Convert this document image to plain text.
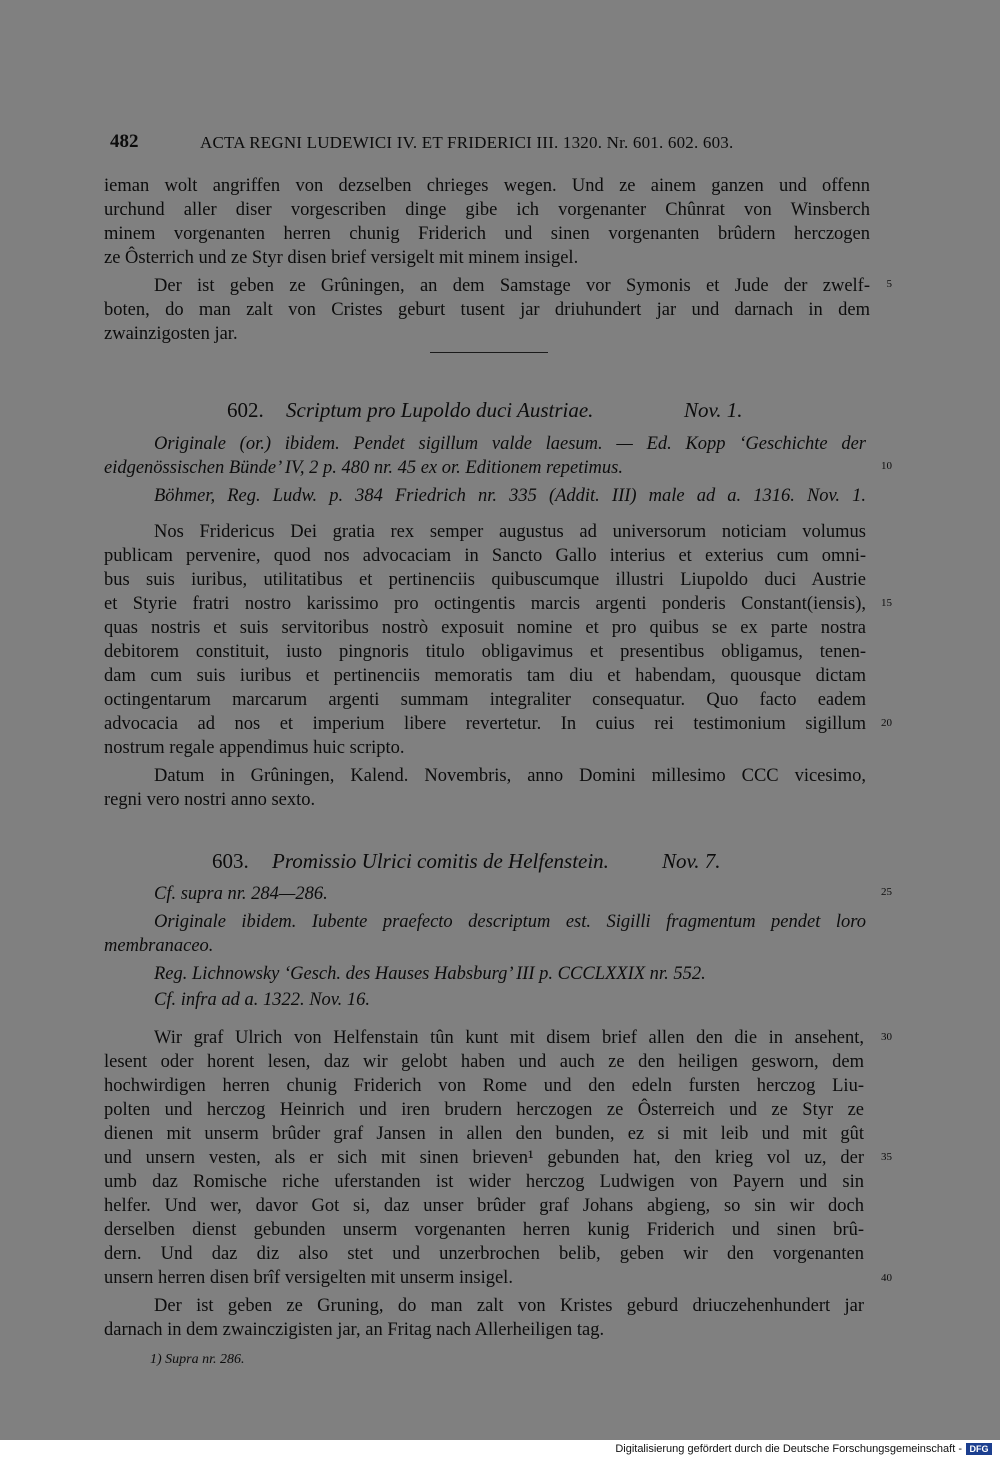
482	ACTA REGNI LUDEWICI IV. ET FRIDERICI III. 1320. Nr. 601. 602. 603.
ieman wolt angriffen von dezselben chrieges wegen. Und ze ainem ganzen und offenn
urchund aller diser vorgescriben dinge gibe ich vorgenanter Chûnrat von Winsberch
minem vorgenanten herren chunig Friderich und sinen vorgenanten brûdern herczogen
ze Ôsterrich und ze Styr disen brief versigelt mit minem insigel.
Der ist geben ze Grûningen, an dem Samstage vor Symonis et Jude der zwelf-
boten, do man zalt von Cristes geburt tusent jar driuhundert jar und darnach in dem
zwainzigosten jar.
602. Scriptum pro Lupoldo duci Austriae.	Nov. 1.
Originale (or.) ibidem. Pendet sigillum valde laesum. — Ed. Kopp ‘Geschichte der
eidgenössischen Bünde’ IV, 2 p. 480 nr. 45 ex or. Editionem repetimus.
Böhmer, Reg. Ludw. p. 384 Friedrich nr. 335 (Addit. III) male ad a. 1316. Nov. 1.
Nos Fridericus Dei gratia rex semper augustus ad universorum noticiam volumus
publicam pervenire, quod nos advocaciam in Sancto Gallo interius et exterius cum omni-
bus suis iuribus, utilitatibus et pertinenciis quibuscumque illustri Liupoldo duci Austrie
et Styrie fratri nostro karissimo pro octingentis marcis argenti ponderis Constant(iensis),
quas nostris et suis servitoribus nostrò exposuit nomine et pro quibus se ex parte nostra
debitorem constituit, iusto pingnoris titulo obligavimus et presentibus obligamus, tenen-
dam cum suis iuribus et pertinenciis memoratis tam diu et habendam, quousque dictam
octingentarum marcarum argenti summam integraliter consequatur. Quo facto eadem
advocacia ad nos et imperium libere revertetur. In cuius rei testimonium sigillum
nostrum regale appendimus huic scripto.
Datum in Grûningen, Kalend. Novembris, anno Domini millesimo CCC vicesimo,
regni vero nostri anno sexto.
603. Promissio Ulrici comitis de Helfenstein.	Nov. 7.
Cf. supra nr. 284—286.
Originale ibidem. Iubente praefecto descriptum est. Sigilli fragmentum pendet loro
membranaceo.
Reg. Lichnowsky ‘Gesch. des Hauses Habsburg’ III p. CCCLXXIX nr. 552.
Cf. infra ad a. 1322. Nov. 16.
Wir graf Ulrich von Helfenstain tûn kunt mit disem brief allen den die in ansehent,
lesent oder horent lesen, daz wir gelobt haben und auch ze den heiligen gesworn, dem
hochwirdigen herren chunig Friderich von Rome und den edeln fursten herczog Liu-
polten und herczog Heinrich und iren brudern herczogen ze Ôsterreich und ze Styr ze
dienen mit unserm brûder graf Jansen in allen den bunden, ez si mit leib und mit gût
und unsern vesten, als er sich mit sinen brieven¹ gebunden hat, den krieg vol uz, der
umb daz Romische riche uferstanden ist wider herczog Ludwigen von Payern und sin
helfer. Und wer, davor Got si, daz unser brûder graf Johans abgieng, so sin wir doch
derselben dienst gebunden unserm vorgenanten herren kunig Friderich und sinen brû-
dern. Und daz diz also stet und unzerbrochen belib, geben wir den vorgenanten
unsern herren disen brîf versigelten mit unserm insigel.
Der ist geben ze Gruning, do man zalt von Kristes geburd driuczehenhundert jar
darnach in dem zwainczigisten jar, an Fritag nach Allerheiligen tag.
1) Supra nr. 286.
5
10
15
20
25
30
35
40
Digitalisierung gefördert durch die Deutsche Forschungsgemeinschaft - DFG
